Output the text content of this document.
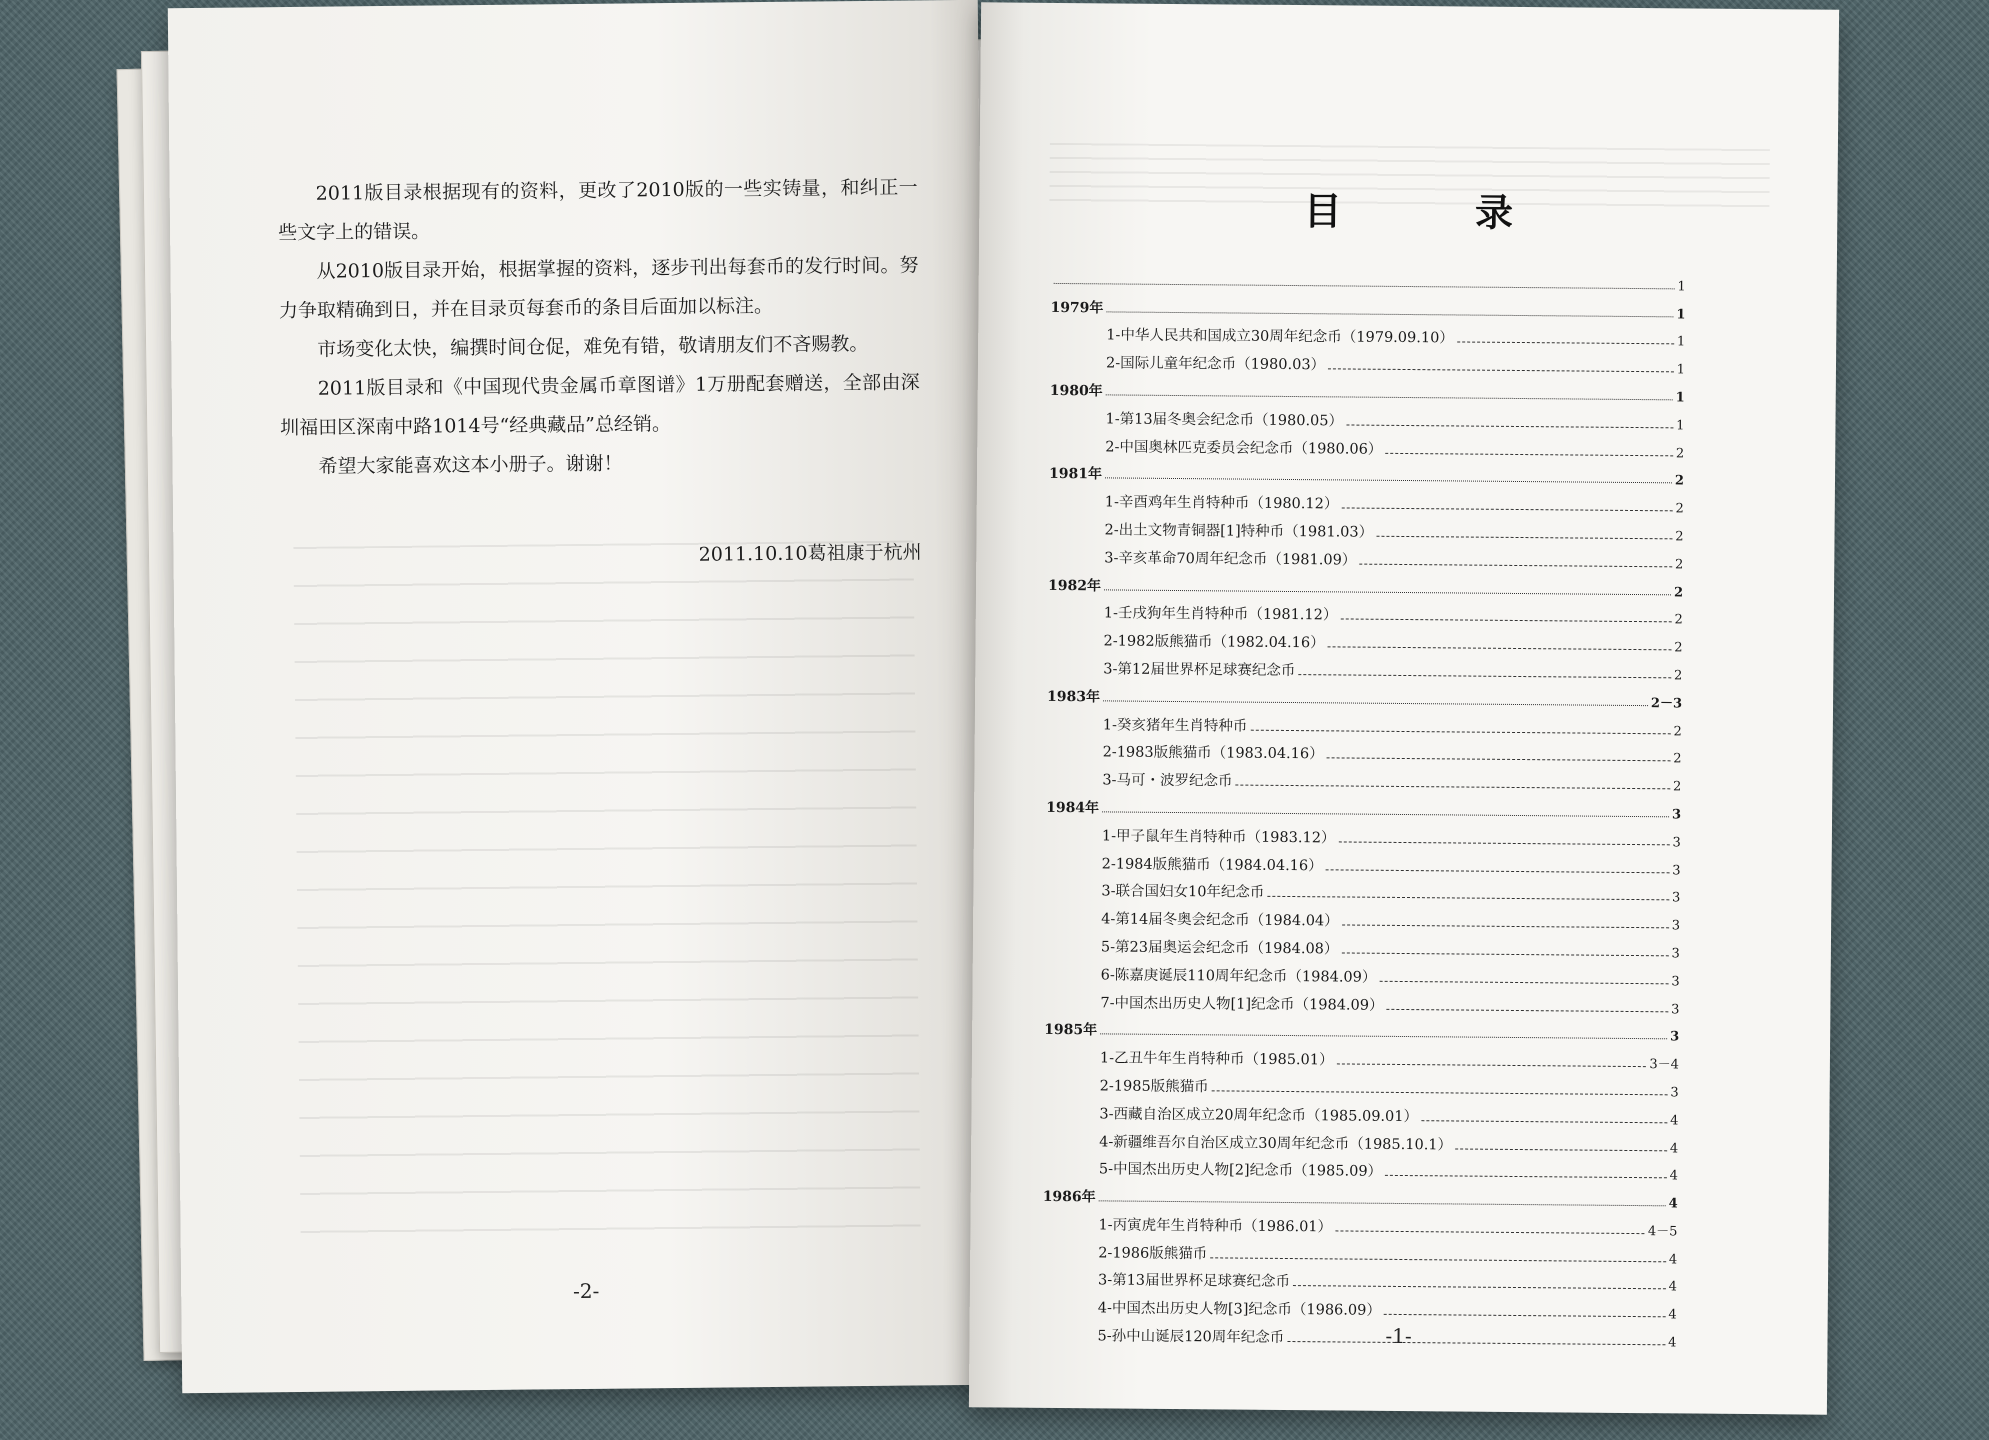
2011版目录根据现有的资料，更改了2010版的一些实铸量，和纠正一些文字上的错误。

从2010版目录开始，根据掌握的资料，逐步刊出每套币的发行时间。努力争取精确到日，并在目录页每套币的条目后面加以标注。

市场变化太快，编撰时间仓促，难免有错，敬请朋友们不吝赐教。

2011版目录和《中国现代贵金属币章图谱》1万册配套赠送，全部由深圳福田区深南中路1014号“经典藏品”总经销。

希望大家能喜欢这本小册子。谢谢！

2011.10.10葛祖康于杭州
-2-
目 录
1
1979年	1
1-中华人民共和国成立30周年纪念币（1979.09.10）	1
2-国际儿童年纪念币（1980.03）	1
1980年	1
1-第13届冬奥会纪念币（1980.05）	1
2-中国奥林匹克委员会纪念币（1980.06）	2
1981年	2
1-辛酉鸡年生肖特种币（1980.12）	2
2-出土文物青铜器[1]特种币（1981.03）	2
3-辛亥革命70周年纪念币（1981.09）	2
1982年	2
1-壬戌狗年生肖特种币（1981.12）	2
2-1982版熊猫币（1982.04.16）	2
3-第12届世界杯足球赛纪念币	2
1983年	2－3
1-癸亥猪年生肖特种币	2
2-1983版熊猫币（1983.04.16）	2
3-马可・波罗纪念币	2
1984年	3
1-甲子鼠年生肖特种币（1983.12）	3
2-1984版熊猫币（1984.04.16）	3
3-联合国妇女10年纪念币	3
4-第14届冬奥会纪念币（1984.04）	3
5-第23届奥运会纪念币（1984.08）	3
6-陈嘉庚诞辰110周年纪念币（1984.09）	3
7-中国杰出历史人物[1]纪念币（1984.09）	3
1985年	3
1-乙丑牛年生肖特种币（1985.01）	3－4
2-1985版熊猫币	3
3-西藏自治区成立20周年纪念币（1985.09.01）	4
4-新疆维吾尔自治区成立30周年纪念币（1985.10.1）	4
5-中国杰出历史人物[2]纪念币（1985.09）	4
1986年	4
1-丙寅虎年生肖特种币（1986.01）	4－5
2-1986版熊猫币	4
3-第13届世界杯足球赛纪念币	4
4-中国杰出历史人物[3]纪念币（1986.09）	4
5-孙中山诞辰120周年纪念币	4
-1-
